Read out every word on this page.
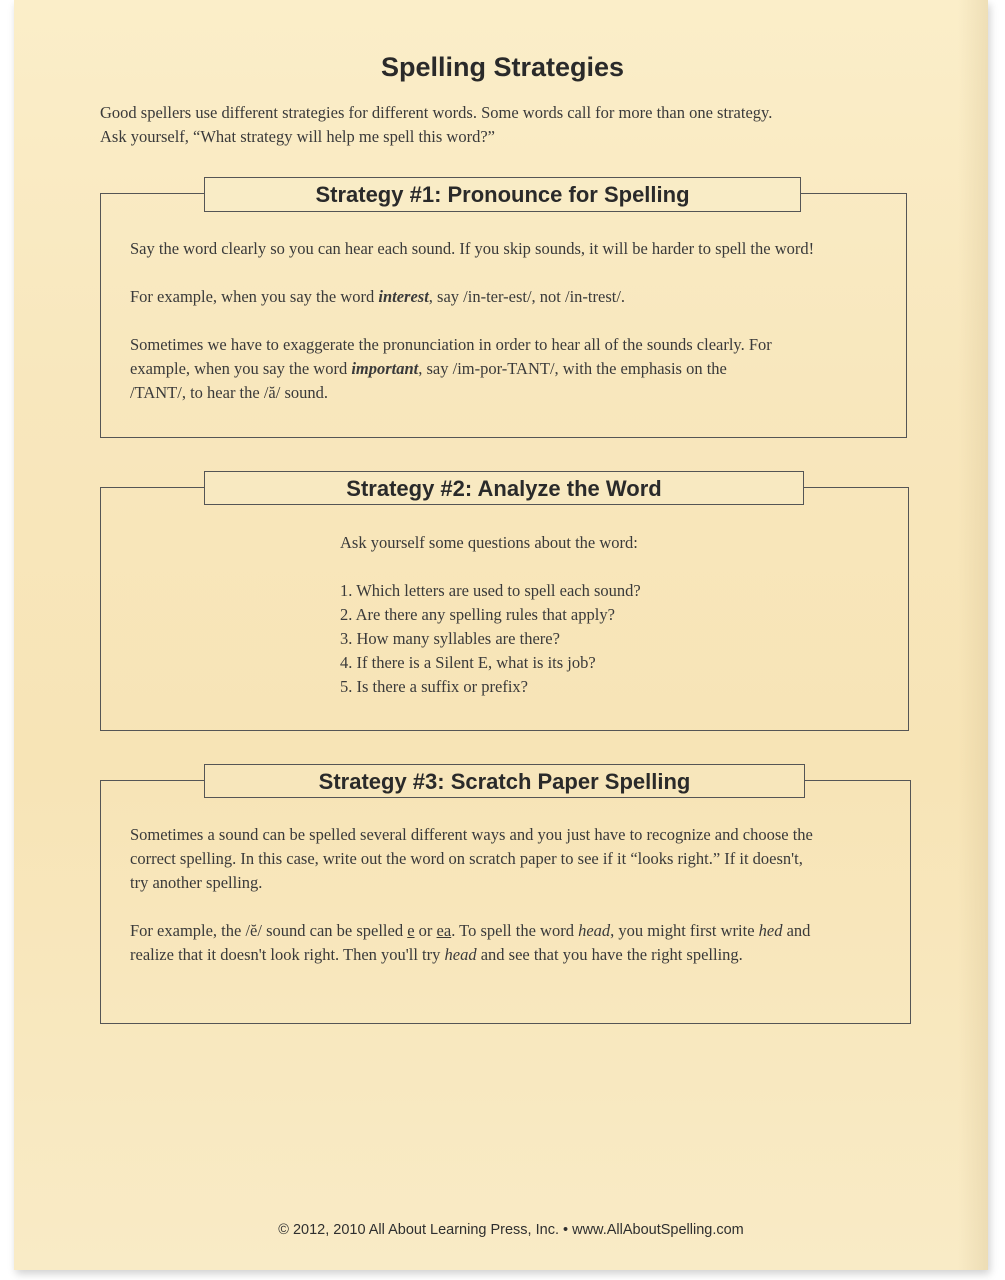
Spelling Strategies

Good spellers use different strategies for different words. Some words call for more than one strategy.
Ask yourself, “What strategy will help me spell this word?”

Strategy #1: Pronounce for Spelling

Say the word clearly so you can hear each sound. If you skip sounds, it will be harder to spell the word!

For example, when you say the word interest, say /in-ter-est/, not /in-trest/.

Sometimes we have to exaggerate the pronunciation in order to hear all of the sounds clearly. For
example, when you say the word important, say /im-por-TANT/, with the emphasis on the
/TANT/, to hear the /ă/ sound.

Strategy #2: Analyze the Word

Ask yourself some questions about the word:

1. Which letters are used to spell each sound?
2. Are there any spelling rules that apply?
3. How many syllables are there?
4. If there is a Silent E, what is its job?
5. Is there a suffix or prefix?
Strategy #3: Scratch Paper Spelling

Sometimes a sound can be spelled several different ways and you just have to recognize and choose the
correct spelling. In this case, write out the word on scratch paper to see if it “looks right.” If it doesn't,
try another spelling.

For example, the /ĕ/ sound can be spelled e or ea. To spell the word head, you might first write hed and
realize that it doesn't look right. Then you'll try head and see that you have the right spelling.

© 2012, 2010 All About Learning Press, Inc. • www.AllAboutSpelling.com
